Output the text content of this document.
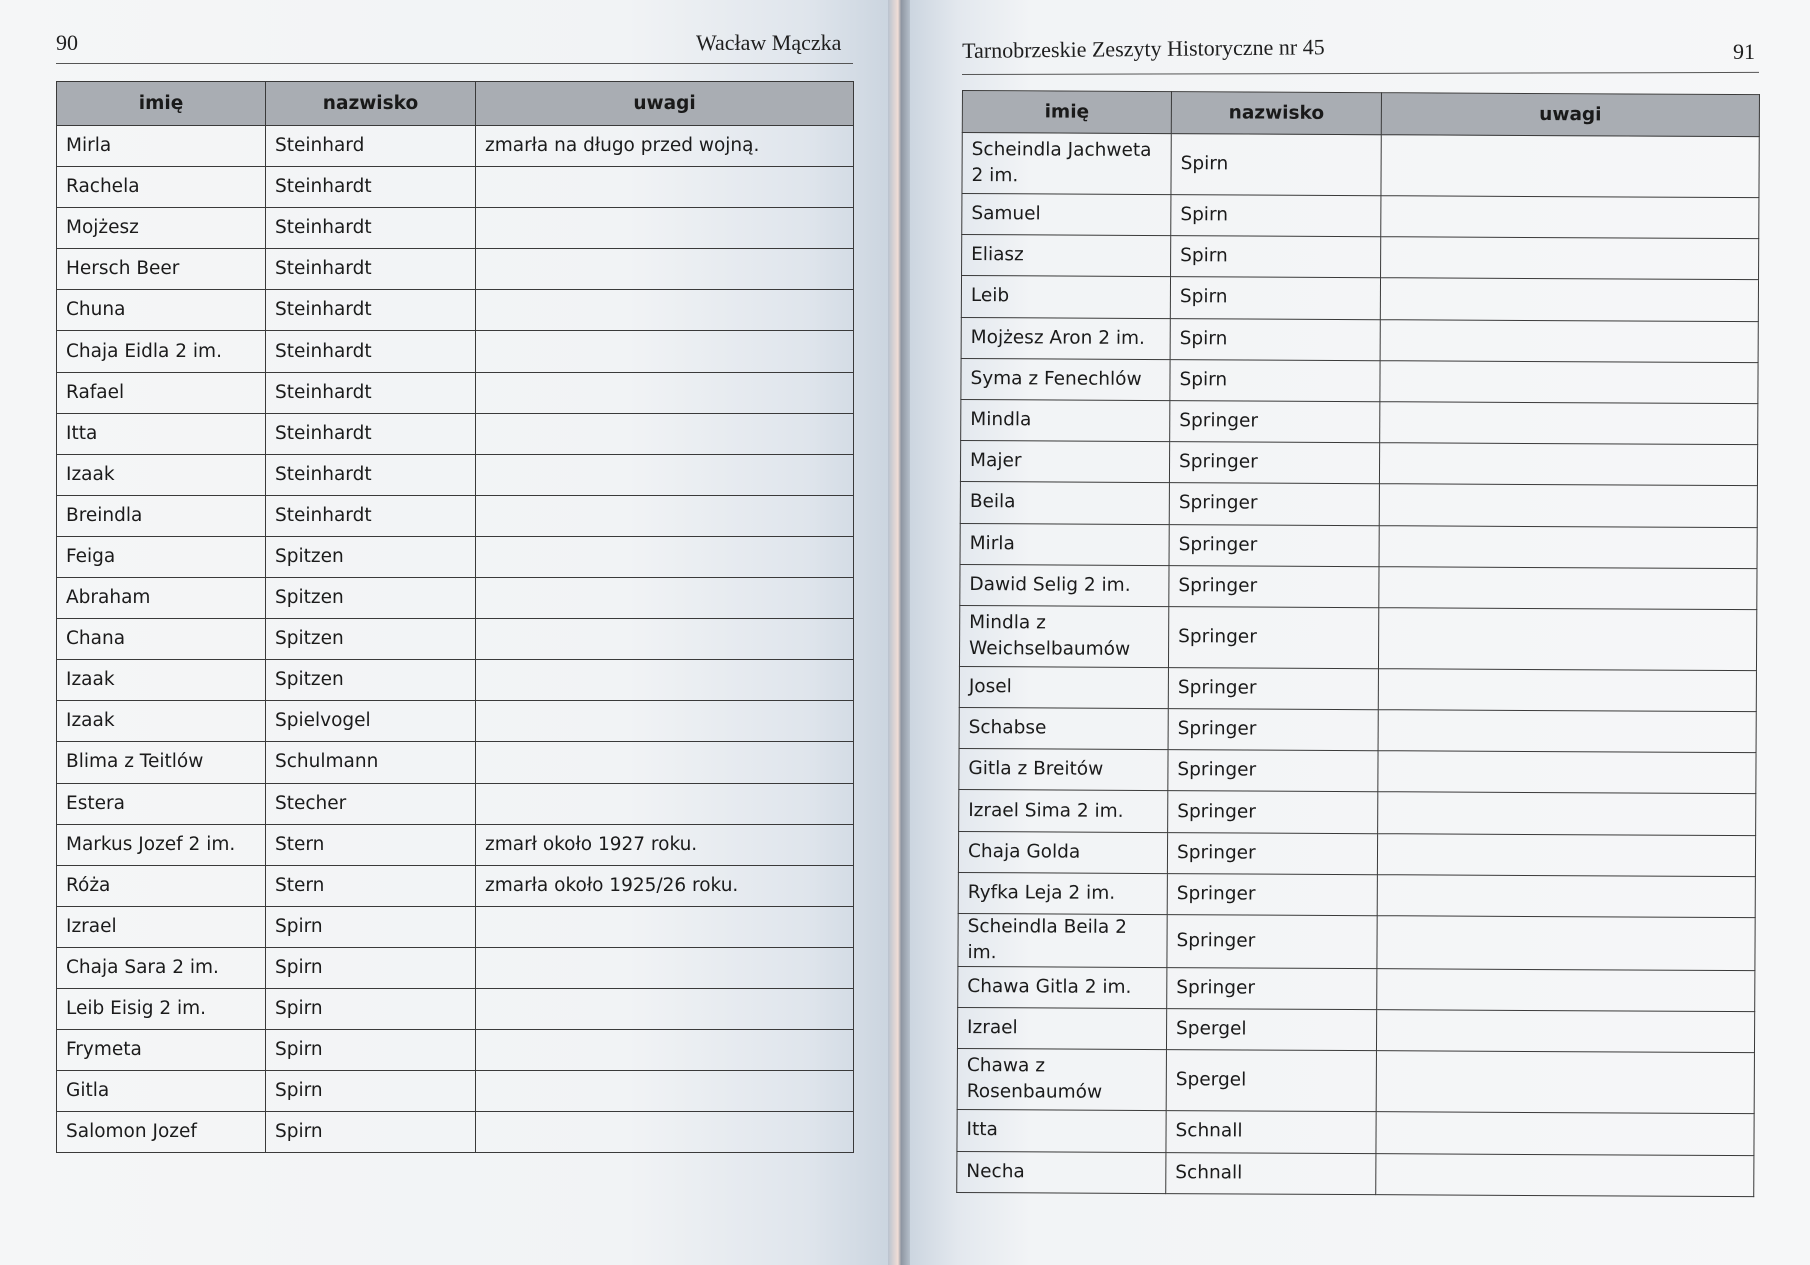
90	Wacław Mączka	Tarnobrzeskie Zeszyty Historyczne nr 45	91
imię	nazwisko	uwagi
Mirla	Steinhard	zmarła na długo przed wojną.
Rachela	Steinhardt	
Mojżesz	Steinhardt	
Hersch Beer	Steinhardt	
Chuna	Steinhardt	
Chaja Eidla 2 im.	Steinhardt	
Rafael	Steinhardt	
Itta	Steinhardt	
Izaak	Steinhardt	
Breindla	Steinhardt	
Feiga	Spitzen	
Abraham	Spitzen	
Chana	Spitzen	
Izaak	Spitzen	
Izaak	Spielvogel	
Blima z Teitlów	Schulmann	
Estera	Stecher	
Markus Jozef 2 im.	Stern	zmarł około 1927 roku.
Róża	Stern	zmarła około 1925/26 roku.
Izrael	Spirn	
Chaja Sara 2 im.	Spirn	
Leib Eisig 2 im.	Spirn	
Frymeta	Spirn	
Gitla	Spirn	
Salomon Jozef	Spirn	
imię	nazwisko	uwagi
Scheindla Jachweta 2 im.	Spirn	
Samuel	Spirn	
Eliasz	Spirn	
Leib	Spirn	
Mojżesz Aron 2 im.	Spirn	
Syma z Fenechlów	Spirn	
Mindla	Springer	
Majer	Springer	
Beila	Springer	
Mirla	Springer	
Dawid Selig 2 im.	Springer	
Mindla z Weichselbaumów	Springer	
Josel	Springer	
Schabse	Springer	
Gitla z Breitów	Springer	
Izrael Sima 2 im.	Springer	
Chaja Golda	Springer	
Ryfka Leja 2 im.	Springer	
Scheindla Beila 2 im.	Springer	
Chawa Gitla 2 im.	Springer	
Izrael	Spergel	
Chawa z Rosenbaumów	Spergel	
Itta	Schnall	
Necha	Schnall	
